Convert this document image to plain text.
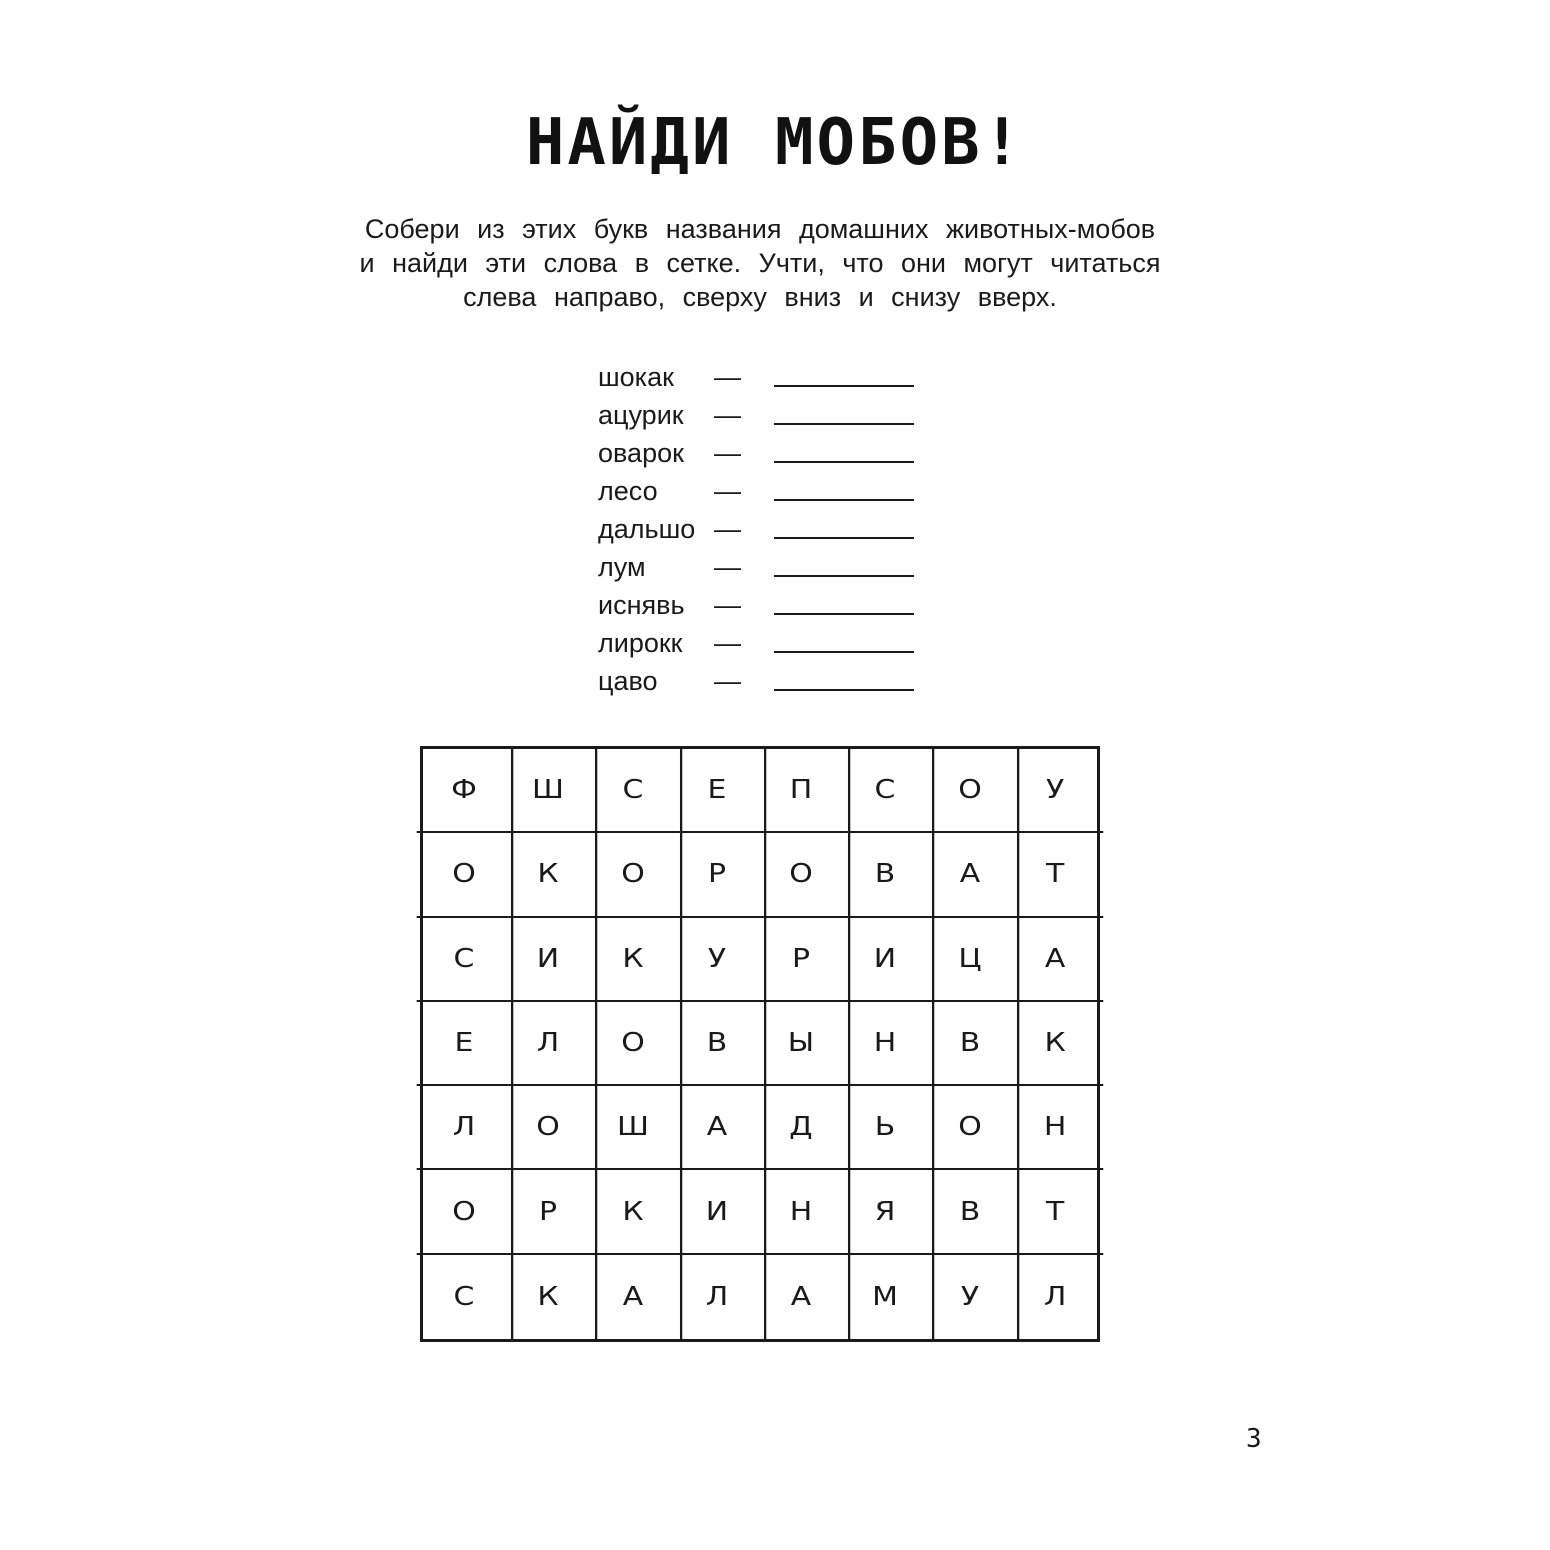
НАЙДИ МОБОВ!
Собери из этих букв названия домашних животных-мобов
и найди эти слова в сетке. Учти, что они могут читаться
слева направо, сверху вниз и снизу вверх.
шокак —
ацурик —
оварок —
лесо —
дальшо —
лум	—
иснявь —
лирокк —
цаво —
Ф	Ш	С	Е	П	С	О	У
О	К	О	Р	О	В	А	Т
С	И	К	У	Р	И	Ц	А
Е	Л	О	В	Ы	Н	В	К
Л	О	Ш	А	Д	Ь	О	Н
О	Р	К	И	Н	Я	В	Т
С	К	А	Л	А	М	У	Л
3
